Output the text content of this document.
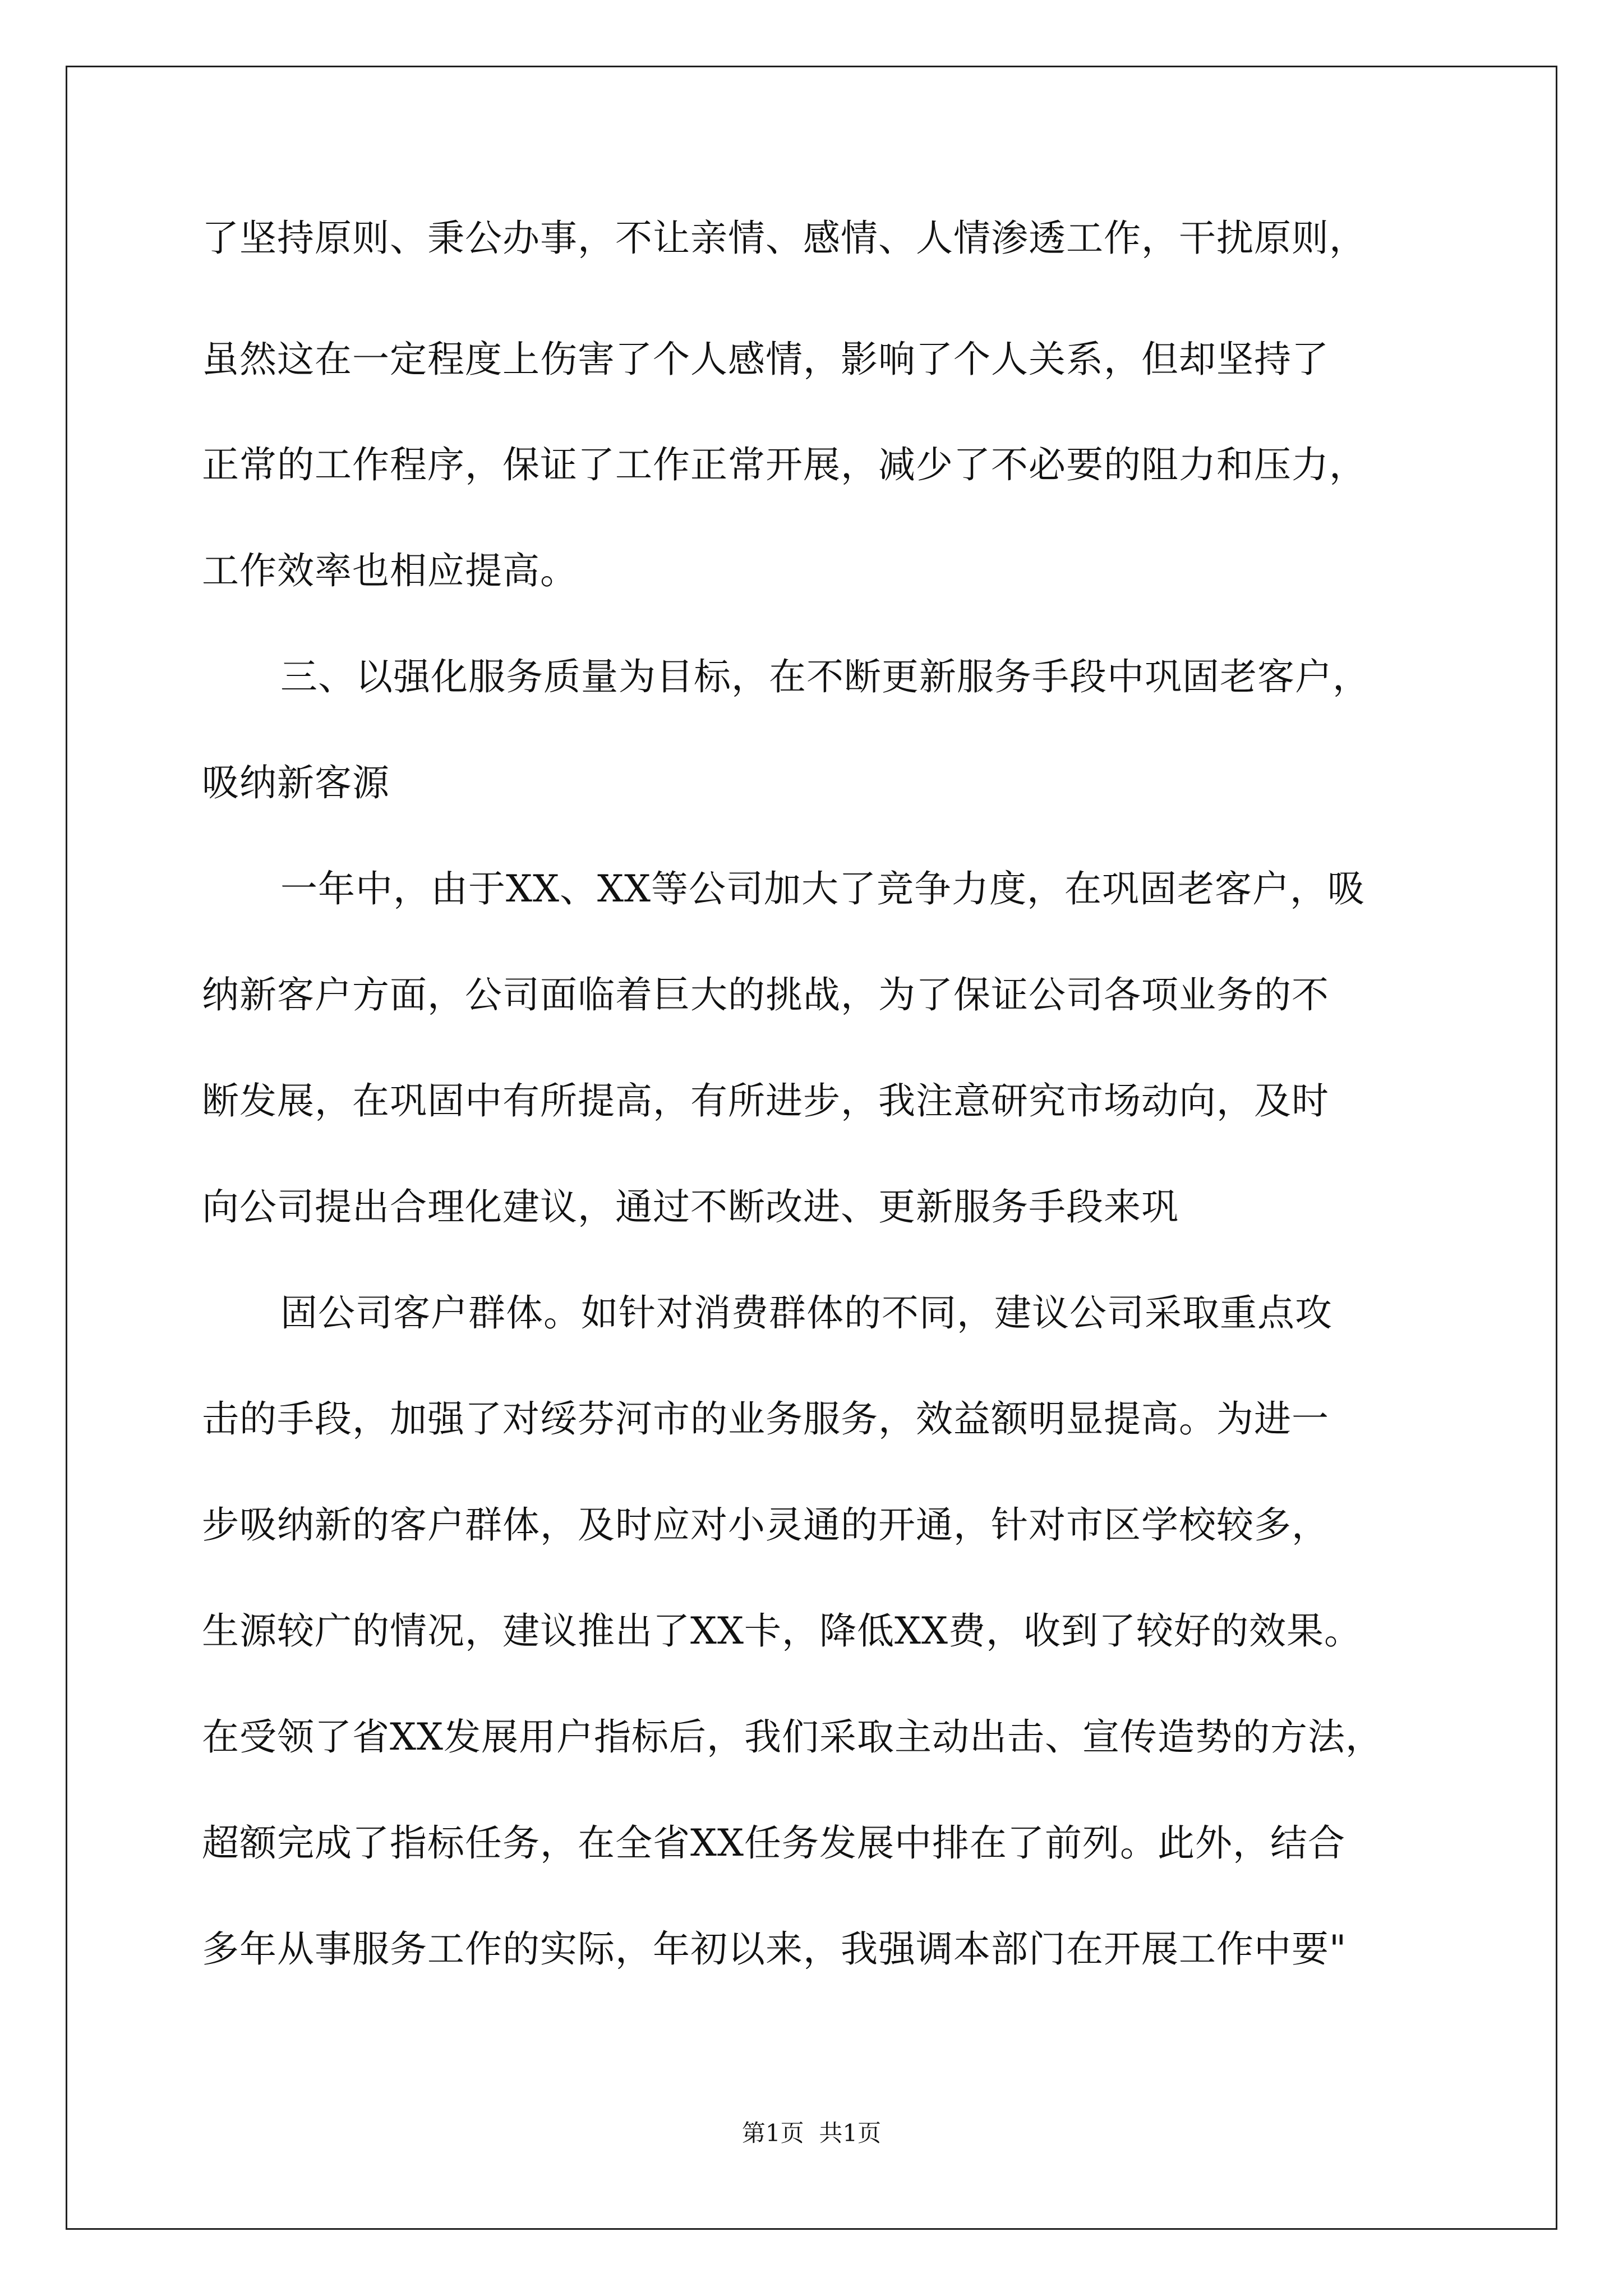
了坚持原则、秉公办事，不让亲情、感情、人情渗透工作，干扰原则，
虽然这在一定程度上伤害了个人感情，影响了个人关系，但却坚持了
正常的工作程序，保证了工作正常开展，减少了不必要的阻力和压力，
工作效率也相应提高。
三、以强化服务质量为目标，在不断更新服务手段中巩固老客户，
吸纳新客源
一年中，由于XX、XX等公司加大了竞争力度，在巩固老客户，吸
纳新客户方面，公司面临着巨大的挑战，为了保证公司各项业务的不
断发展，在巩固中有所提高，有所进步，我注意研究市场动向，及时
向公司提出合理化建议，通过不断改进、更新服务手段来巩
固公司客户群体。如针对消费群体的不同，建议公司采取重点攻
击的手段，加强了对绥芬河市的业务服务，效益额明显提高。为进一
步吸纳新的客户群体，及时应对小灵通的开通，针对市区学校较多，
生源较广的情况，建议推出了XX卡，降低XX费，收到了较好的效果。
在受领了省XX发展用户指标后，我们采取主动出击、宣传造势的方法，
超额完成了指标任务，在全省XX任务发展中排在了前列。此外，结合
多年从事服务工作的实际，年初以来，我强调本部门在开展工作中要"
第1页  共1页
